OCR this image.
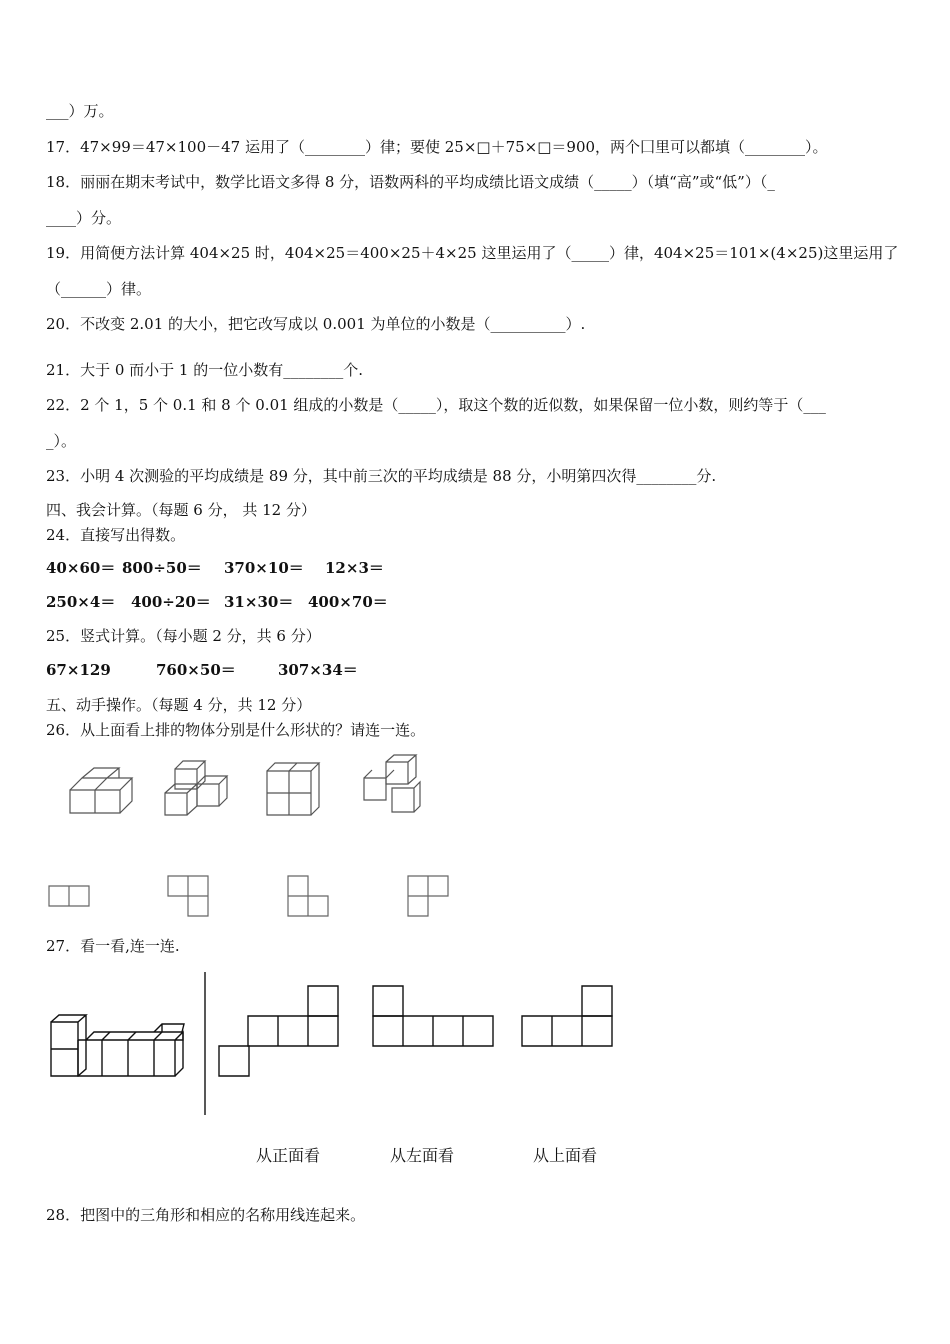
___）万。
17．47×99＝47×100－47 运用了（________）律；要使 25×□＋75×□＝900，两个囗里可以都填（________）。
18．丽丽在期末考试中，数学比语文多得 8 分，语数两科的平均成绩比语文成绩（_____）（填“高”或“低”）（_
____）分。
19．用简便方法计算 404×25 时，404×25＝400×25＋4×25 这里运用了（_____）律，404×25＝101×(4×25)这里运用了
（______）律。
20．不改变 2.01 的大小，把它改写成以 0.001 为单位的小数是（__________）.
21．大于 0 而小于 1 的一位小数有________个.
22．2 个 1，5 个 0.1 和 8 个 0.01 组成的小数是（_____），取这个数的近似数，如果保留一位小数，则约等于（___
_）。
23．小明 4 次测验的平均成绩是 89 分，其中前三次的平均成绩是 88 分，小明第四次得________分.
四、我会计算。（每题 6 分， 共 12 分）
24．直接写出得数。
40×60＝ 800÷50＝ 370×10＝ 12×3＝
250×4＝ 400÷20＝ 31×30＝ 400×70＝
25．竖式计算。（每小题 2 分，共 6 分）
67×129	760×50＝	307×34＝
五、动手操作。（每题 4 分，共 12 分）
26．从上面看上排的物体分别是什么形状的？请连一连。
27．看一看,连一连.
从正面看	从左面看	从上面看
28．把图中的三角形和相应的名称用线连起来。
